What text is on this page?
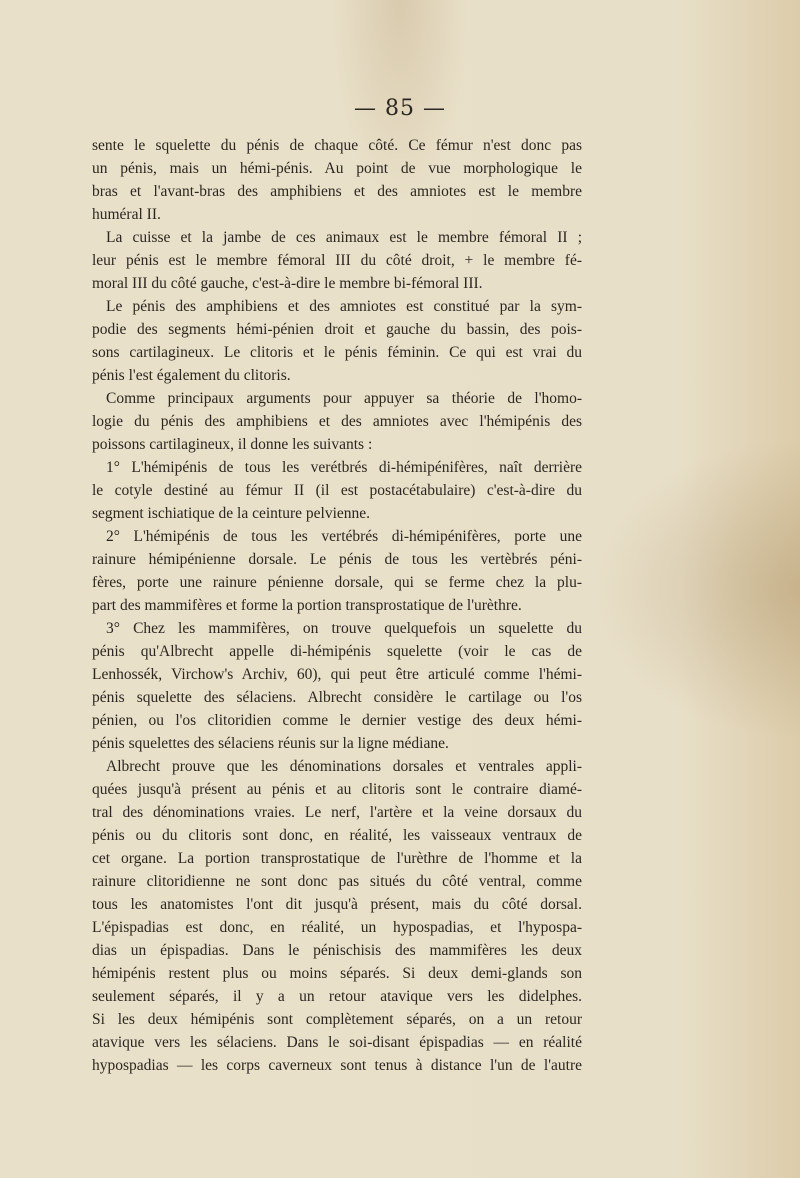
— 85 —
sente le squelette du pénis de chaque côté. Ce fémur n'est donc pas
un pénis, mais un hémi-pénis. Au point de vue morphologique le
bras et l'avant-bras des amphibiens et des amniotes est le membre
huméral II.
La cuisse et la jambe de ces animaux est le membre fémoral II ;
leur pénis est le membre fémoral III du côté droit, + le membre fé-
moral III du côté gauche, c'est-à-dire le membre bi-fémoral III.
Le pénis des amphibiens et des amniotes est constitué par la sym-
podie des segments hémi-pénien droit et gauche du bassin, des pois-
sons cartilagineux. Le clitoris et le pénis féminin. Ce qui est vrai du
pénis l'est également du clitoris.
Comme principaux arguments pour appuyer sa théorie de l'homo-
logie du pénis des amphibiens et des amniotes avec l'hémipénis des
poissons cartilagineux, il donne les suivants :
1° L'hémipénis de tous les verétbrés di-hémipénifères, naît derrière
le cotyle destiné au fémur II (il est postacétabulaire) c'est-à-dire du
segment ischiatique de la ceinture pelvienne.
2° L'hémipénis de tous les vertébrés di-hémipénifères, porte une
rainure hémipénienne dorsale. Le pénis de tous les vertèbrés péni-
fères, porte une rainure pénienne dorsale, qui se ferme chez la plu-
part des mammifères et forme la portion transprostatique de l'urèthre.
3° Chez les mammifères, on trouve quelquefois un squelette du
pénis qu'Albrecht appelle di-hémipénis squelette (voir le cas de
Lenhossék, Virchow's Archiv, 60), qui peut être articulé comme l'hémi-
pénis squelette des sélaciens. Albrecht considère le cartilage ou l'os
pénien, ou l'os clitoridien comme le dernier vestige des deux hémi-
pénis squelettes des sélaciens réunis sur la ligne médiane.
Albrecht prouve que les dénominations dorsales et ventrales appli-
quées jusqu'à présent au pénis et au clitoris sont le contraire diamé-
tral des dénominations vraies. Le nerf, l'artère et la veine dorsaux du
pénis ou du clitoris sont donc, en réalité, les vaisseaux ventraux de
cet organe. La portion transprostatique de l'urèthre de l'homme et la
rainure clitoridienne ne sont donc pas situés du côté ventral, comme
tous les anatomistes l'ont dit jusqu'à présent, mais du côté dorsal.
L'épispadias est donc, en réalité, un hypospadias, et l'hypospa-
dias un épispadias. Dans le pénischisis des mammifères les deux
hémipénis restent plus ou moins séparés. Si deux demi-glands son
seulement séparés, il y a un retour atavique vers les didelphes.
Si les deux hémipénis sont complètement séparés, on a un retour
atavique vers les sélaciens. Dans le soi-disant épispadias — en réalité
hypospadias — les corps caverneux sont tenus à distance l'un de l'autre
